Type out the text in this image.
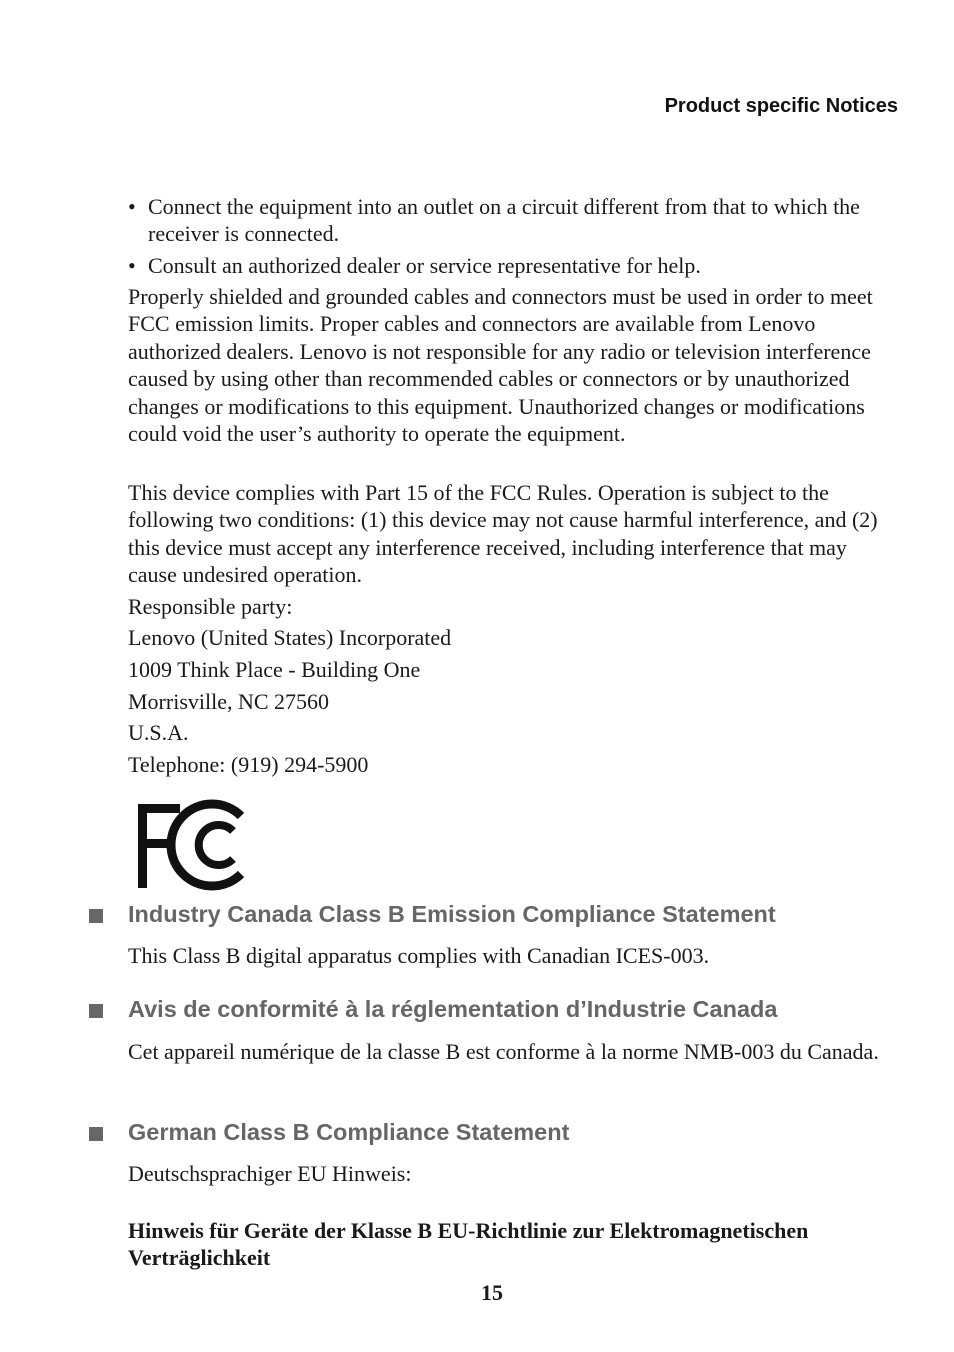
Product specific Notices
• Connect the equipment into an outlet on a circuit different from that to which the receiver is connected.
• Consult an authorized dealer or service representative for help.
Properly shielded and grounded cables and connectors must be used in order to meet FCC emission limits. Proper cables and connectors are available from Lenovo authorized dealers. Lenovo is not responsible for any radio or television interference caused by using other than recommended cables or connectors or by unauthorized changes or modifications to this equipment. Unauthorized changes or modifications could void the user’s authority to operate the equipment.
This device complies with Part 15 of the FCC Rules. Operation is subject to the following two conditions: (1) this device may not cause harmful interference, and (2) this device must accept any interference received, including interference that may cause undesired operation.
Responsible party:
Lenovo (United States) Incorporated
1009 Think Place - Building One
Morrisville, NC 27560
U.S.A.
Telephone: (919) 294-5900
Industry Canada Class B Emission Compliance Statement
This Class B digital apparatus complies with Canadian ICES-003.
Avis de conformité à la réglementation d’Industrie Canada
Cet appareil numérique de la classe B est conforme à la norme NMB-003 du Canada.
German Class B Compliance Statement
Deutschsprachiger EU Hinweis:
Hinweis für Geräte der Klasse B EU-Richtlinie zur Elektromagnetischen Verträglichkeit
15
